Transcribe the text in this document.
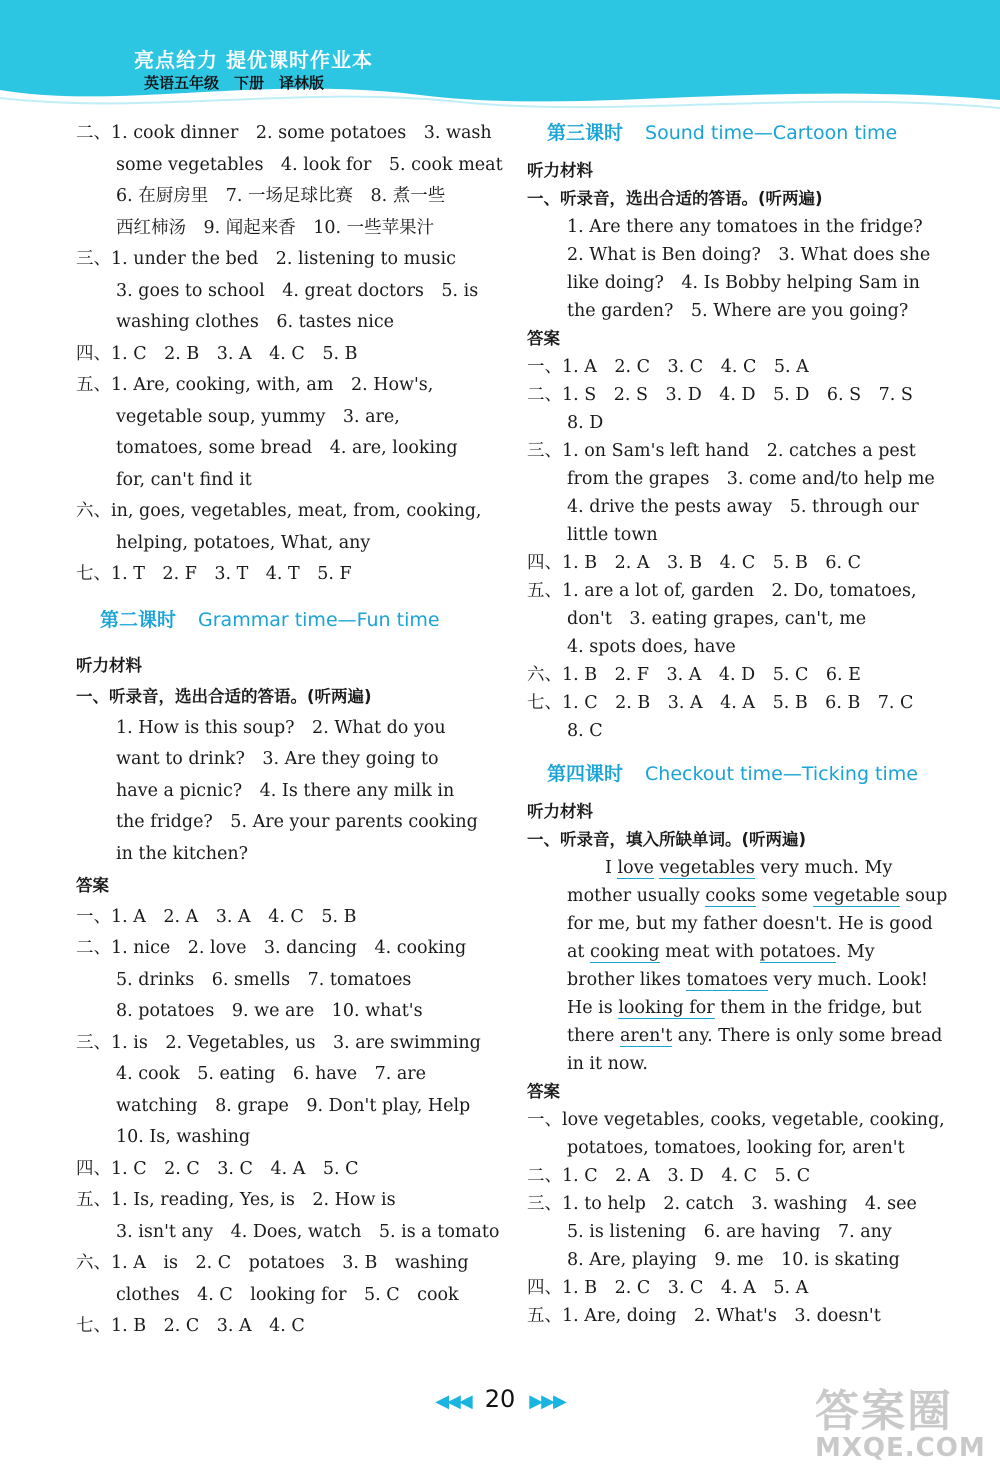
亮点给力 提优课时作业本
英语五年级　下册　译林版
二、1. cook dinner　2. some potatoes　3. wash
some vegetables　4. look for　5. cook meat
6. 在厨房里　7. 一场足球比赛　8. 煮一些
西红柿汤　9. 闻起来香　10. 一些苹果汁
三、1. under the bed　2. listening to music
3. goes to school　4. great doctors　5. is
washing clothes　6. tastes nice
四、1. C　2. B　3. A　4. C　5. B
五、1. Are, cooking, with, am　2. How's,
vegetable soup, yummy　3. are,
tomatoes, some bread　4. are, looking
for, can't find it
六、in, goes, vegetables, meat, from, cooking,
helping, potatoes, What, any
七、1. T　2. F　3. T　4. T　5. F
第二课时 Grammar time—Fun time
听力材料
一、听录音，选出合适的答语。(听两遍)
1. How is this soup?　2. What do you
want to drink?　3. Are they going to
have a picnic?　4. Is there any milk in
the fridge?　5. Are your parents cooking
in the kitchen?
答案
一、1. A　2. A　3. A　4. C　5. B
二、1. nice　2. love　3. dancing　4. cooking
5. drinks　6. smells　7. tomatoes
8. potatoes　9. we are　10. what's
三、1. is　2. Vegetables, us　3. are swimming
4. cook　5. eating　6. have　7. are
watching　8. grape　9. Don't play, Help
10. Is, washing
四、1. C　2. C　3. C　4. A　5. C
五、1. Is, reading, Yes, is　2. How is
3. isn't any　4. Does, watch　5. is a tomato
六、1. A　is　2. C　potatoes　3. B　washing
clothes　4. C　looking for　5. C　cook
七、1. B　2. C　3. A　4. C
第三课时 Sound time—Cartoon time
听力材料
一、听录音，选出合适的答语。(听两遍)
1. Are there any tomatoes in the fridge?
2. What is Ben doing?　3. What does she
like doing?　4. Is Bobby helping Sam in
the garden?　5. Where are you going?
答案
一、1. A　2. C　3. C　4. C　5. A
二、1. S　2. S　3. D　4. D　5. D　6. S　7. S
8. D
三、1. on Sam's left hand　2. catches a pest
from the grapes　3. come and/to help me
4. drive the pests away　5. through our
little town
四、1. B　2. A　3. B　4. C　5. B　6. C
五、1. are a lot of, garden　2. Do, tomatoes,
don't　3. eating grapes, can't, me
4. spots does, have
六、1. B　2. F　3. A　4. D　5. C　6. E
七、1. C　2. B　3. A　4. A　5. B　6. B　7. C
8. C
第四课时 Checkout time—Ticking time
听力材料
一、听录音，填入所缺单词。(听两遍)
I love vegetables very much. My
mother usually cooks some vegetable soup
for me, but my father doesn't. He is good
at cooking meat with potatoes. My
brother likes tomatoes very much. Look!
He is looking for them in the fridge, but
there aren't any. There is only some bread
in it now.
答案
一、love vegetables, cooks, vegetable, cooking,
potatoes, tomatoes, looking for, aren't
二、1. C　2. A　3. D　4. C　5. C
三、1. to help　2. catch　3. washing　4. see
5. is listening　6. are having　7. any
8. Are, playing　9. me　10. is skating
四、1. B　2. C　3. C　4. A　5. A
五、1. Are, doing　2. What's　3. doesn't
◀◀◀ 20 ▶▶▶	答案圈
MXQE.COM
